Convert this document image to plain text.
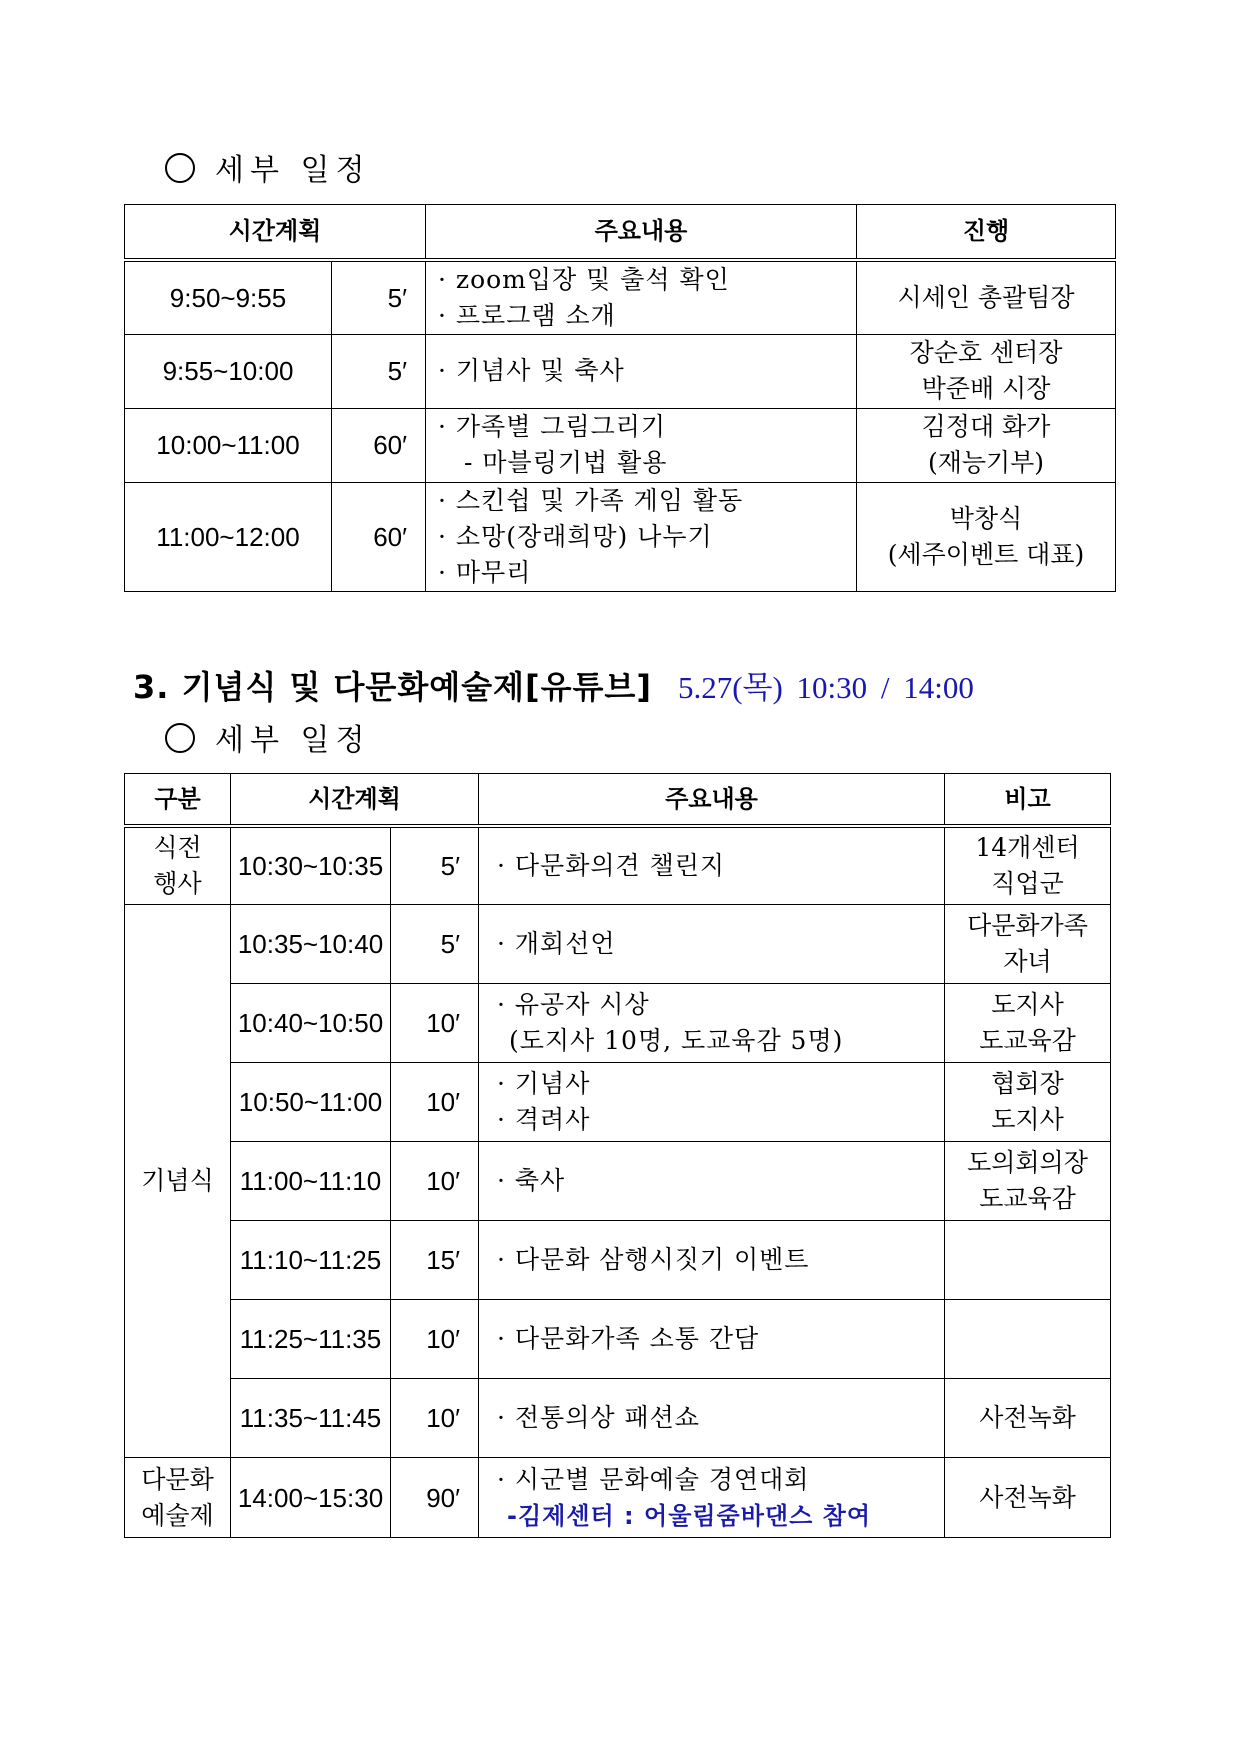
세부 일정
시간계획		주요내용	진행
9:50~9:55	5′	· zoom입장 및 출석 확인
· 프로그램 소개	시세인 총괄팀장

9:55~10:00	5′	· 기념사 및 축사	장순호 센터장
박준배 시장

10:00~11:00	60′	· 가족별 그림그리기
- 마블링기법 활용	김정대 화가
(재능기부)

11:00~12:00	60′	· 스킨쉽 및 가족 게임 활동
· 소망(장래희망) 나누기
· 마무리	박창식
(세주이벤트 대표)
3. 기념식 및 다문화예술제[유튜브] 5.27(목) 10:30 / 14:00
세부 일정
구분	시간계획		주요내용	비고

식전
행사	10:30~10:35	5′	· 다문화의견 챌린지	14개센터
직업군

기념식	10:35~10:40	5′	· 개회선언	다문화가족
자녀

	10:40~10:50	10′	· 유공자 시상
(도지사 10명, 도교육감 5명)	도지사
도교육감

	10:50~11:00	10′	· 기념사
· 격려사	협회장
도지사

	11:00~11:10	10′	· 축사	도의회의장
도교육감

	11:10~11:25	15′	· 다문화 삼행시짓기 이벤트	

	11:25~11:35	10′	· 다문화가족 소통 간담	

	11:35~11:45	10′	· 전통의상 패션쇼	사전녹화

다문화
예술제	14:00~15:30	90′	· 시군별 문화예술 경연대회
-김제센터 : 어울림줌바댄스 참여	사전녹화
